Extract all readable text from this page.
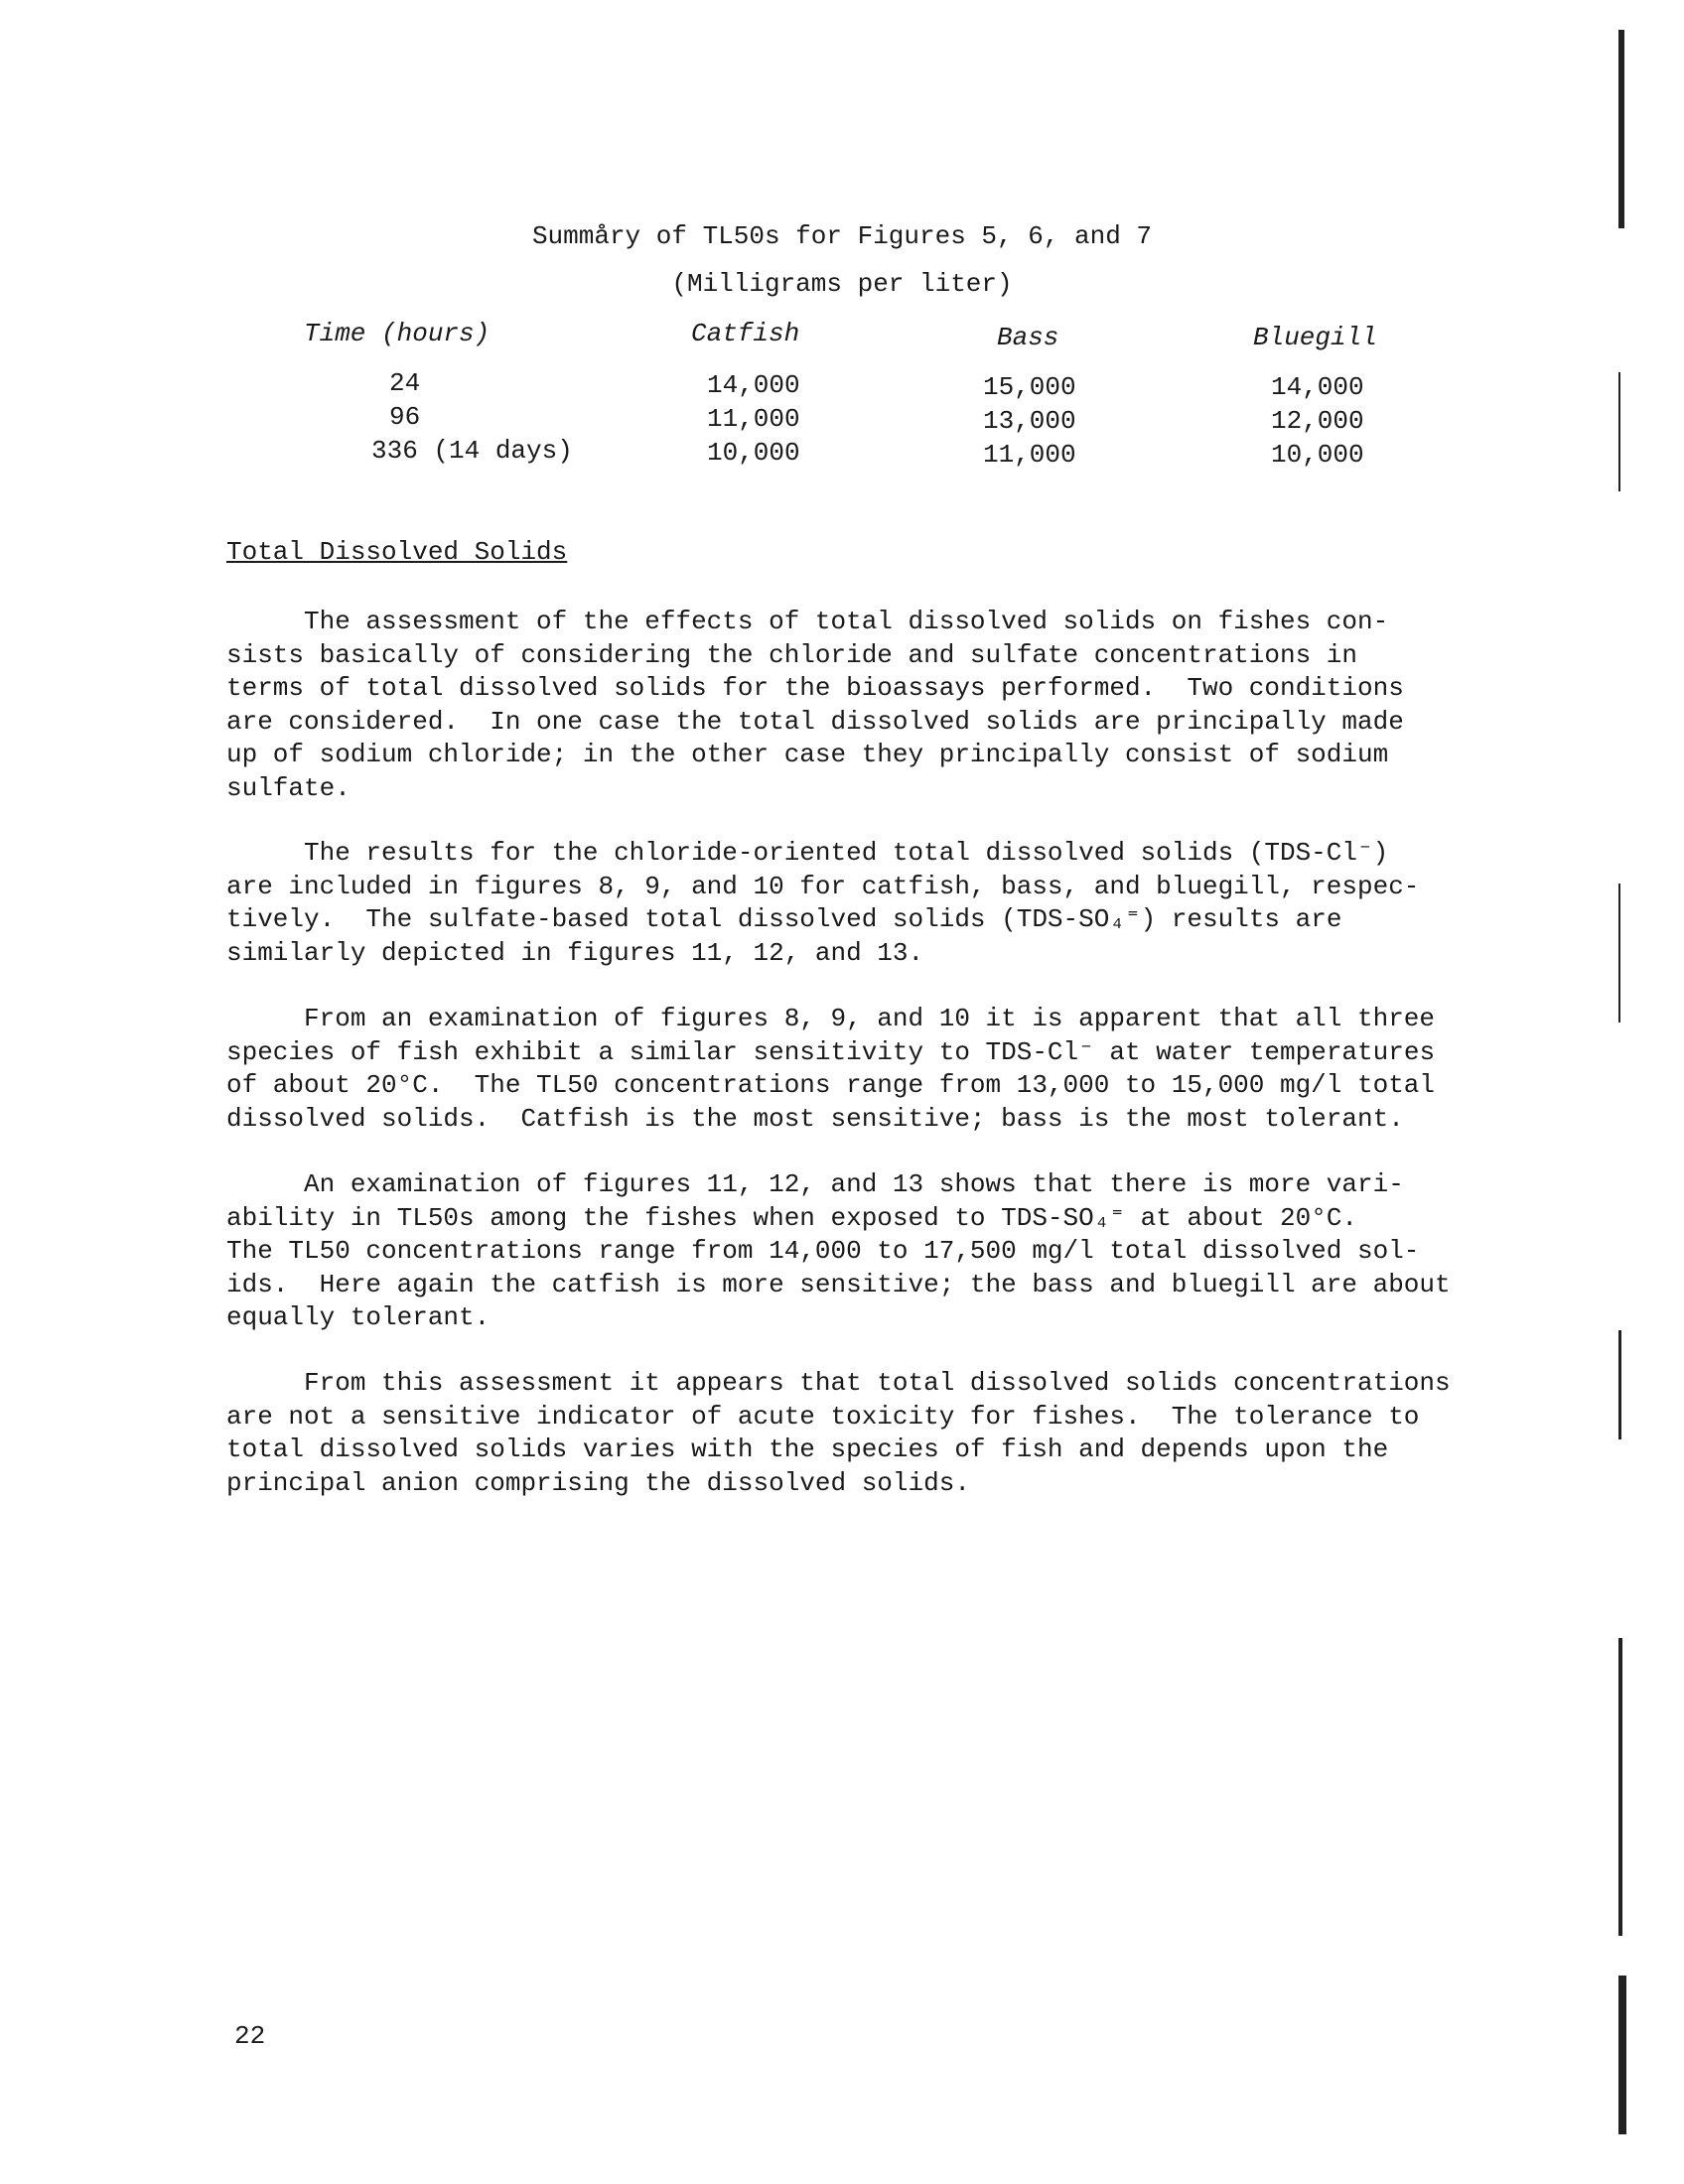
Summåry of TL50s for Figures 5, 6, and 7
(Milligrams per liter)
Time (hours)	Catfish	Bass	Bluegill
24	14,000	15,000	14,000
96	11,000	13,000	12,000
336 (14 days)	10,000	11,000	10,000
Total Dissolved Solids
The assessment of the effects of total dissolved solids on fishes con-
sists basically of considering the chloride and sulfate concentrations in
terms of total dissolved solids for the bioassays performed.  Two conditions
are considered.  In one case the total dissolved solids are principally made
up of sodium chloride; in the other case they principally consist of sodium
sulfate.
The results for the chloride-oriented total dissolved solids (TDS-Cl⁻)
are included in figures 8, 9, and 10 for catfish, bass, and bluegill, respec-
tively.  The sulfate-based total dissolved solids (TDS-SO₄⁼) results are
similarly depicted in figures 11, 12, and 13.
From an examination of figures 8, 9, and 10 it is apparent that all three
species of fish exhibit a similar sensitivity to TDS-Cl⁻ at water temperatures
of about 20°C.  The TL50 concentrations range from 13,000 to 15,000 mg/l total
dissolved solids.  Catfish is the most sensitive; bass is the most tolerant.
An examination of figures 11, 12, and 13 shows that there is more vari-
ability in TL50s among the fishes when exposed to TDS-SO₄⁼ at about 20°C.
The TL50 concentrations range from 14,000 to 17,500 mg/l total dissolved sol-
ids.  Here again the catfish is more sensitive; the bass and bluegill are about
equally tolerant.
From this assessment it appears that total dissolved solids concentrations
are not a sensitive indicator of acute toxicity for fishes.  The tolerance to
total dissolved solids varies with the species of fish and depends upon the
principal anion comprising the dissolved solids.
22
